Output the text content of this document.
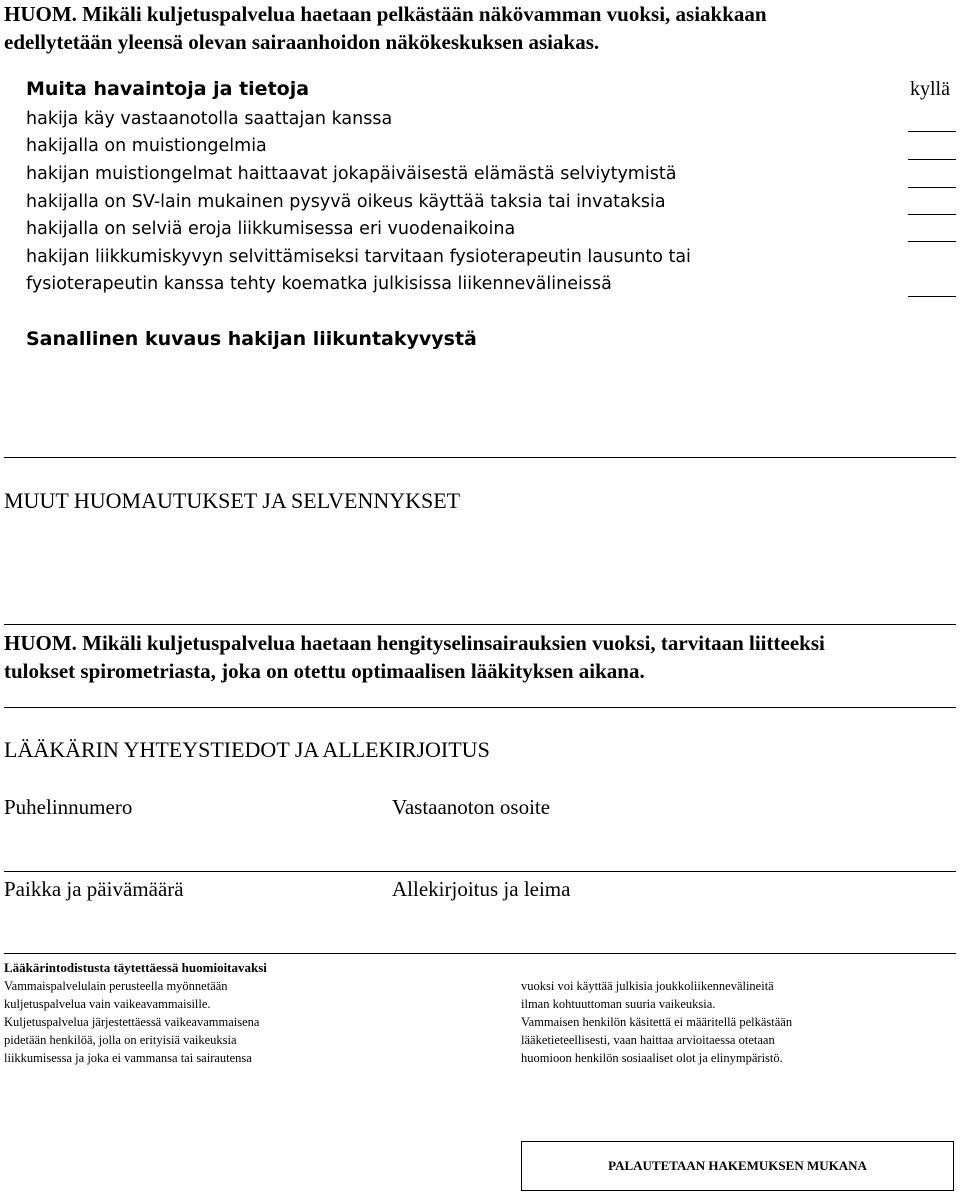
HUOM. Mikäli kuljetuspalvelua haetaan pelkästään näkövamman vuoksi, asiakkaan
edellytetään yleensä olevan sairaanhoidon näkökeskuksen asiakas.
Muita havaintoja ja tietoja	kyllä
hakija käy vastaanotolla saattajan kanssa
hakijalla on muistiongelmia
hakijan muistiongelmat haittaavat jokapäiväisestä elämästä selviytymistä
hakijalla on SV-lain mukainen pysyvä oikeus käyttää taksia tai invataksia
hakijalla on selviä eroja liikkumisessa eri vuodenaikoina
hakijan liikkumiskyvyn selvittämiseksi tarvitaan fysioterapeutin lausunto tai
fysioterapeutin kanssa tehty koematka julkisissa liikennevälineissä
Sanallinen kuvaus hakijan liikuntakyvystä
MUUT HUOMAUTUKSET JA SELVENNYKSET
HUOM. Mikäli kuljetuspalvelua haetaan hengityselinsairauksien vuoksi, tarvitaan liitteeksi
tulokset spirometriasta, joka on otettu optimaalisen lääkityksen aikana.
LÄÄKÄRIN YHTEYSTIEDOT JA ALLEKIRJOITUS
Puhelinnumero	Vastaanoton osoite
Paikka ja päivämäärä	Allekirjoitus ja leima
Lääkärintodistusta täytettäessä huomioitavaksi
Vammaispalvelulain perusteella myönnetään
kuljetuspalvelua vain vaikeavammaisille.
Kuljetuspalvelua järjestettäessä vaikeavammaisena
pidetään henkilöä, jolla on erityisiä vaikeuksia
liikkumisessa ja joka ei vammansa tai sairautensa
vuoksi voi käyttää julkisia joukkoliikennevälineitä
ilman kohtuuttoman suuria vaikeuksia.
Vammaisen henkilön käsitettä ei määritellä pelkästään
lääketieteellisesti, vaan haittaa arvioitaessa otetaan
huomioon henkilön sosiaaliset olot ja elinympäristö.
PALAUTETAAN HAKEMUKSEN MUKANA
